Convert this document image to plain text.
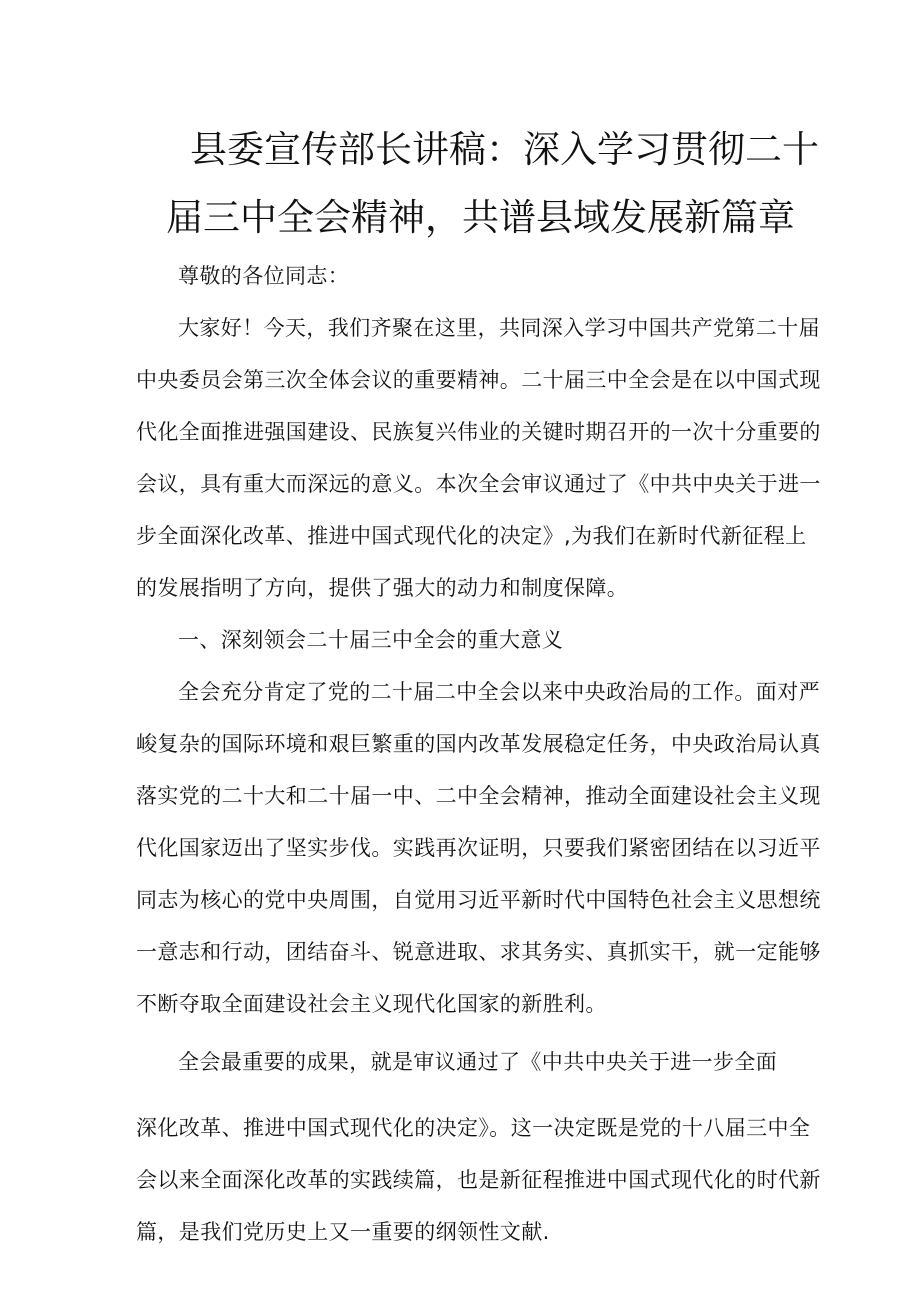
县委宣传部长讲稿：深入学习贯彻二十
届三中全会精神，共谱县域发展新篇章

尊敬的各位同志：

大家好！今天，我们齐聚在这里，共同深入学习中国共产党第二十届

中央委员会第三次全体会议的重要精神。二十届三中全会是在以中国式现

代化全面推进强国建设、民族复兴伟业的关键时期召开的一次十分重要的

会议，具有重大而深远的意义。本次全会审议通过了《中共中央关于进一

步全面深化改革、推进中国式现代化的决定》,为我们在新时代新征程上

的发展指明了方向，提供了强大的动力和制度保障。

一、深刻领会二十届三中全会的重大意义

全会充分肯定了党的二十届二中全会以来中央政治局的工作。面对严

峻复杂的国际环境和艰巨繁重的国内改革发展稳定任务，中央政治局认真

落实党的二十大和二十届一中、二中全会精神，推动全面建设社会主义现

代化国家迈出了坚实步伐。实践再次证明，只要我们紧密团结在以习近平

同志为核心的党中央周围，自觉用习近平新时代中国特色社会主义思想统

一意志和行动，团结奋斗、锐意进取、求其务实、真抓实干，就一定能够

不断夺取全面建设社会主义现代化国家的新胜利。

全会最重要的成果，就是审议通过了《中共中央关于进一步全面

深化改革、推进中国式现代化的决定》。这一决定既是党的十八届三中全

会以来全面深化改革的实践续篇，也是新征程推进中国式现代化的时代新

篇，是我们党历史上又一重要的纲领性文献.
